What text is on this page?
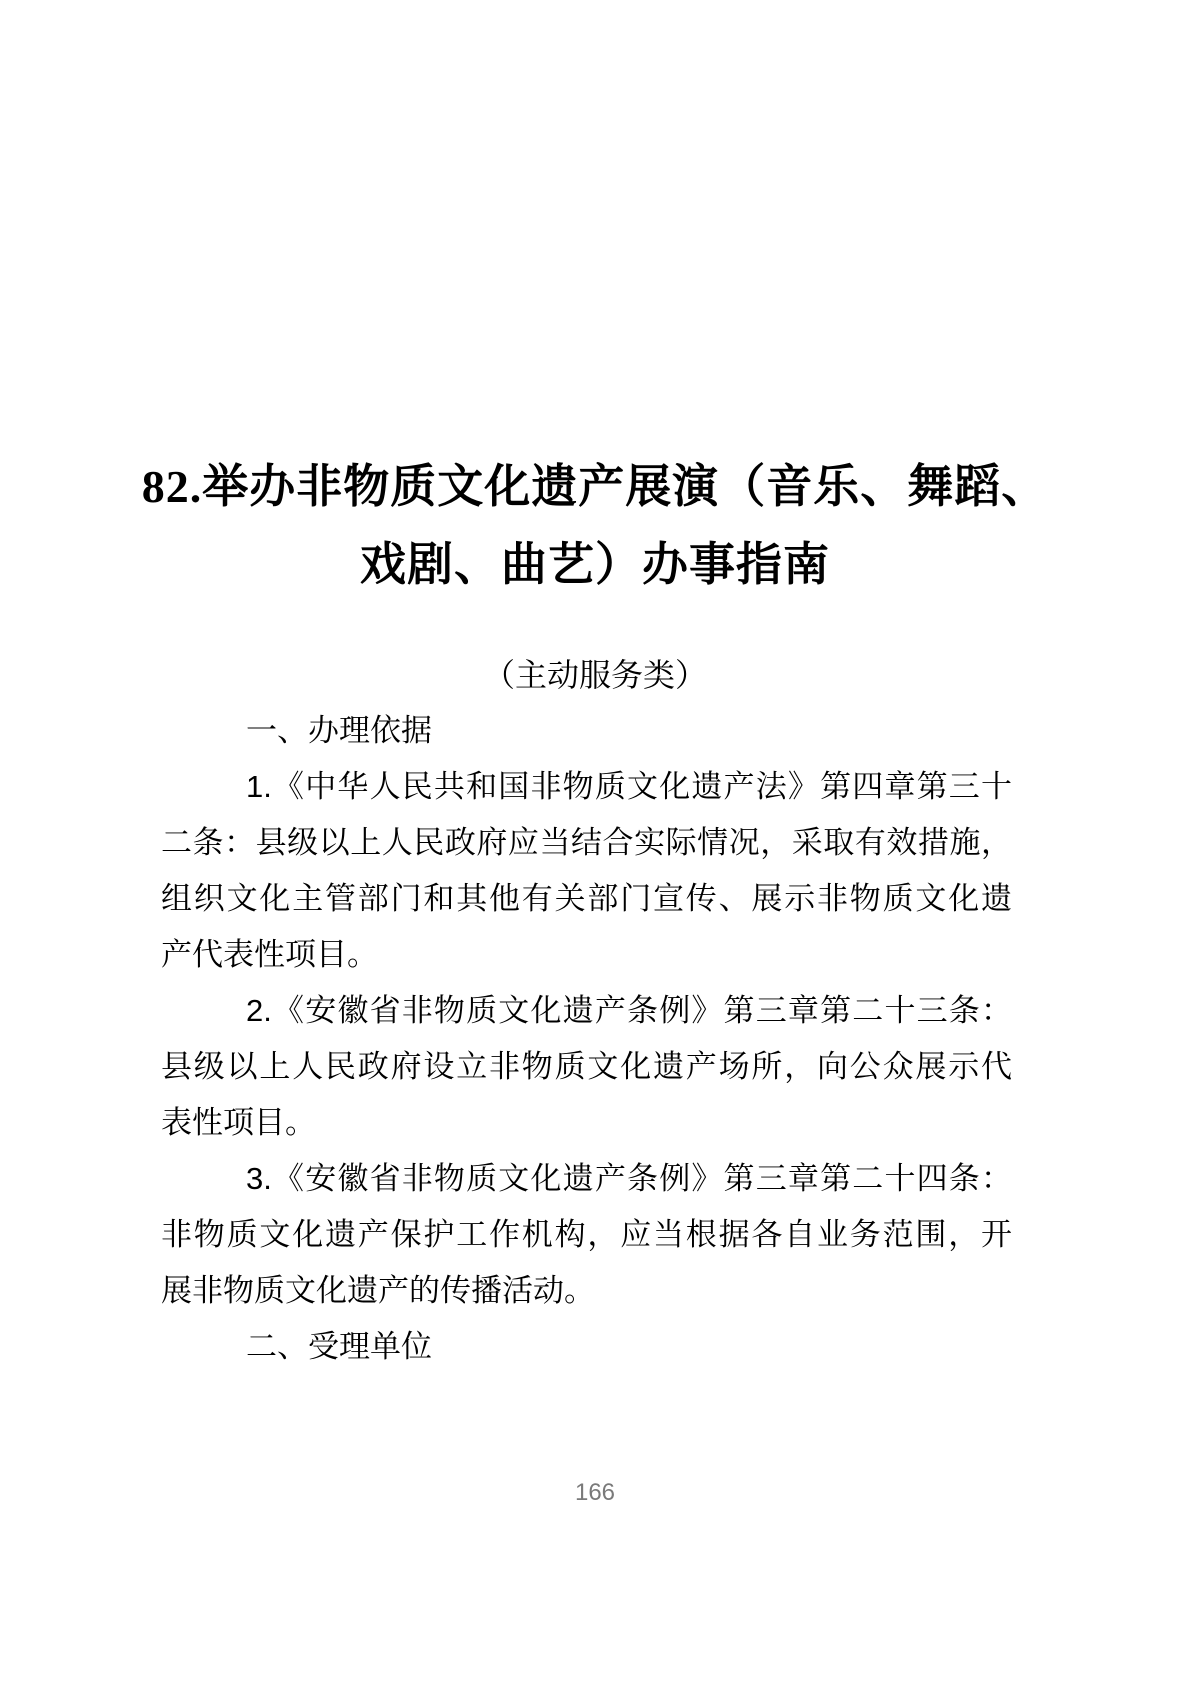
82.举办非物质文化遗产展演（音乐、舞蹈、
戏剧、曲艺）办事指南
（主动服务类）
一、办理依据
1.《中华人民共和国非物质文化遗产法》第四章第三十
二条：县级以上人民政府应当结合实际情况，采取有效措施，
组织文化主管部门和其他有关部门宣传、展示非物质文化遗
产代表性项目。
2.《安徽省非物质文化遗产条例》第三章第二十三条：
县级以上人民政府设立非物质文化遗产场所，向公众展示代
表性项目。
3.《安徽省非物质文化遗产条例》第三章第二十四条：
非物质文化遗产保护工作机构，应当根据各自业务范围，开
展非物质文化遗产的传播活动。
二、受理单位
166
